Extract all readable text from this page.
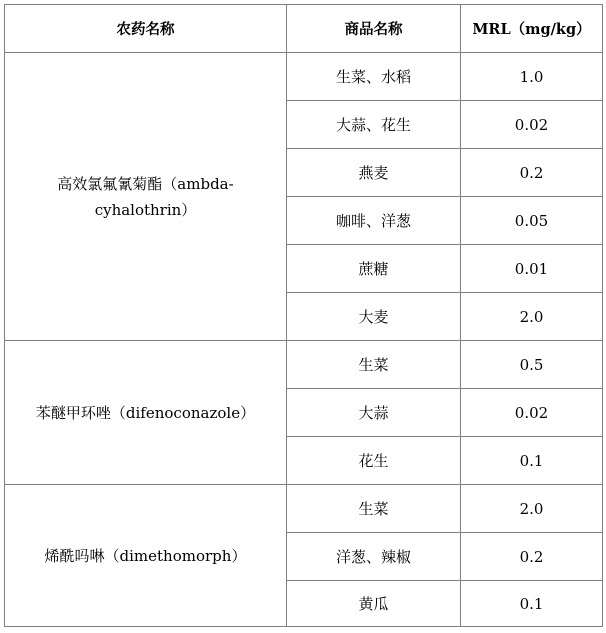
农药名称	商品名称	MRL（mg/kg）
高效氯氟氰菊酯（ambda-cyhalothrin）	生菜、水稻	1.0
	大蒜、花生	0.02
	燕麦	0.2
	咖啡、洋葱	0.05
	蔗糖	0.01
	大麦	2.0
苯醚甲环唑（difenoconazole）	生菜	0.5
	大蒜	0.02
	花生	0.1
烯酰吗啉（dimethomorph）	生菜	2.0
	洋葱、辣椒	0.2
	黄瓜	0.1
